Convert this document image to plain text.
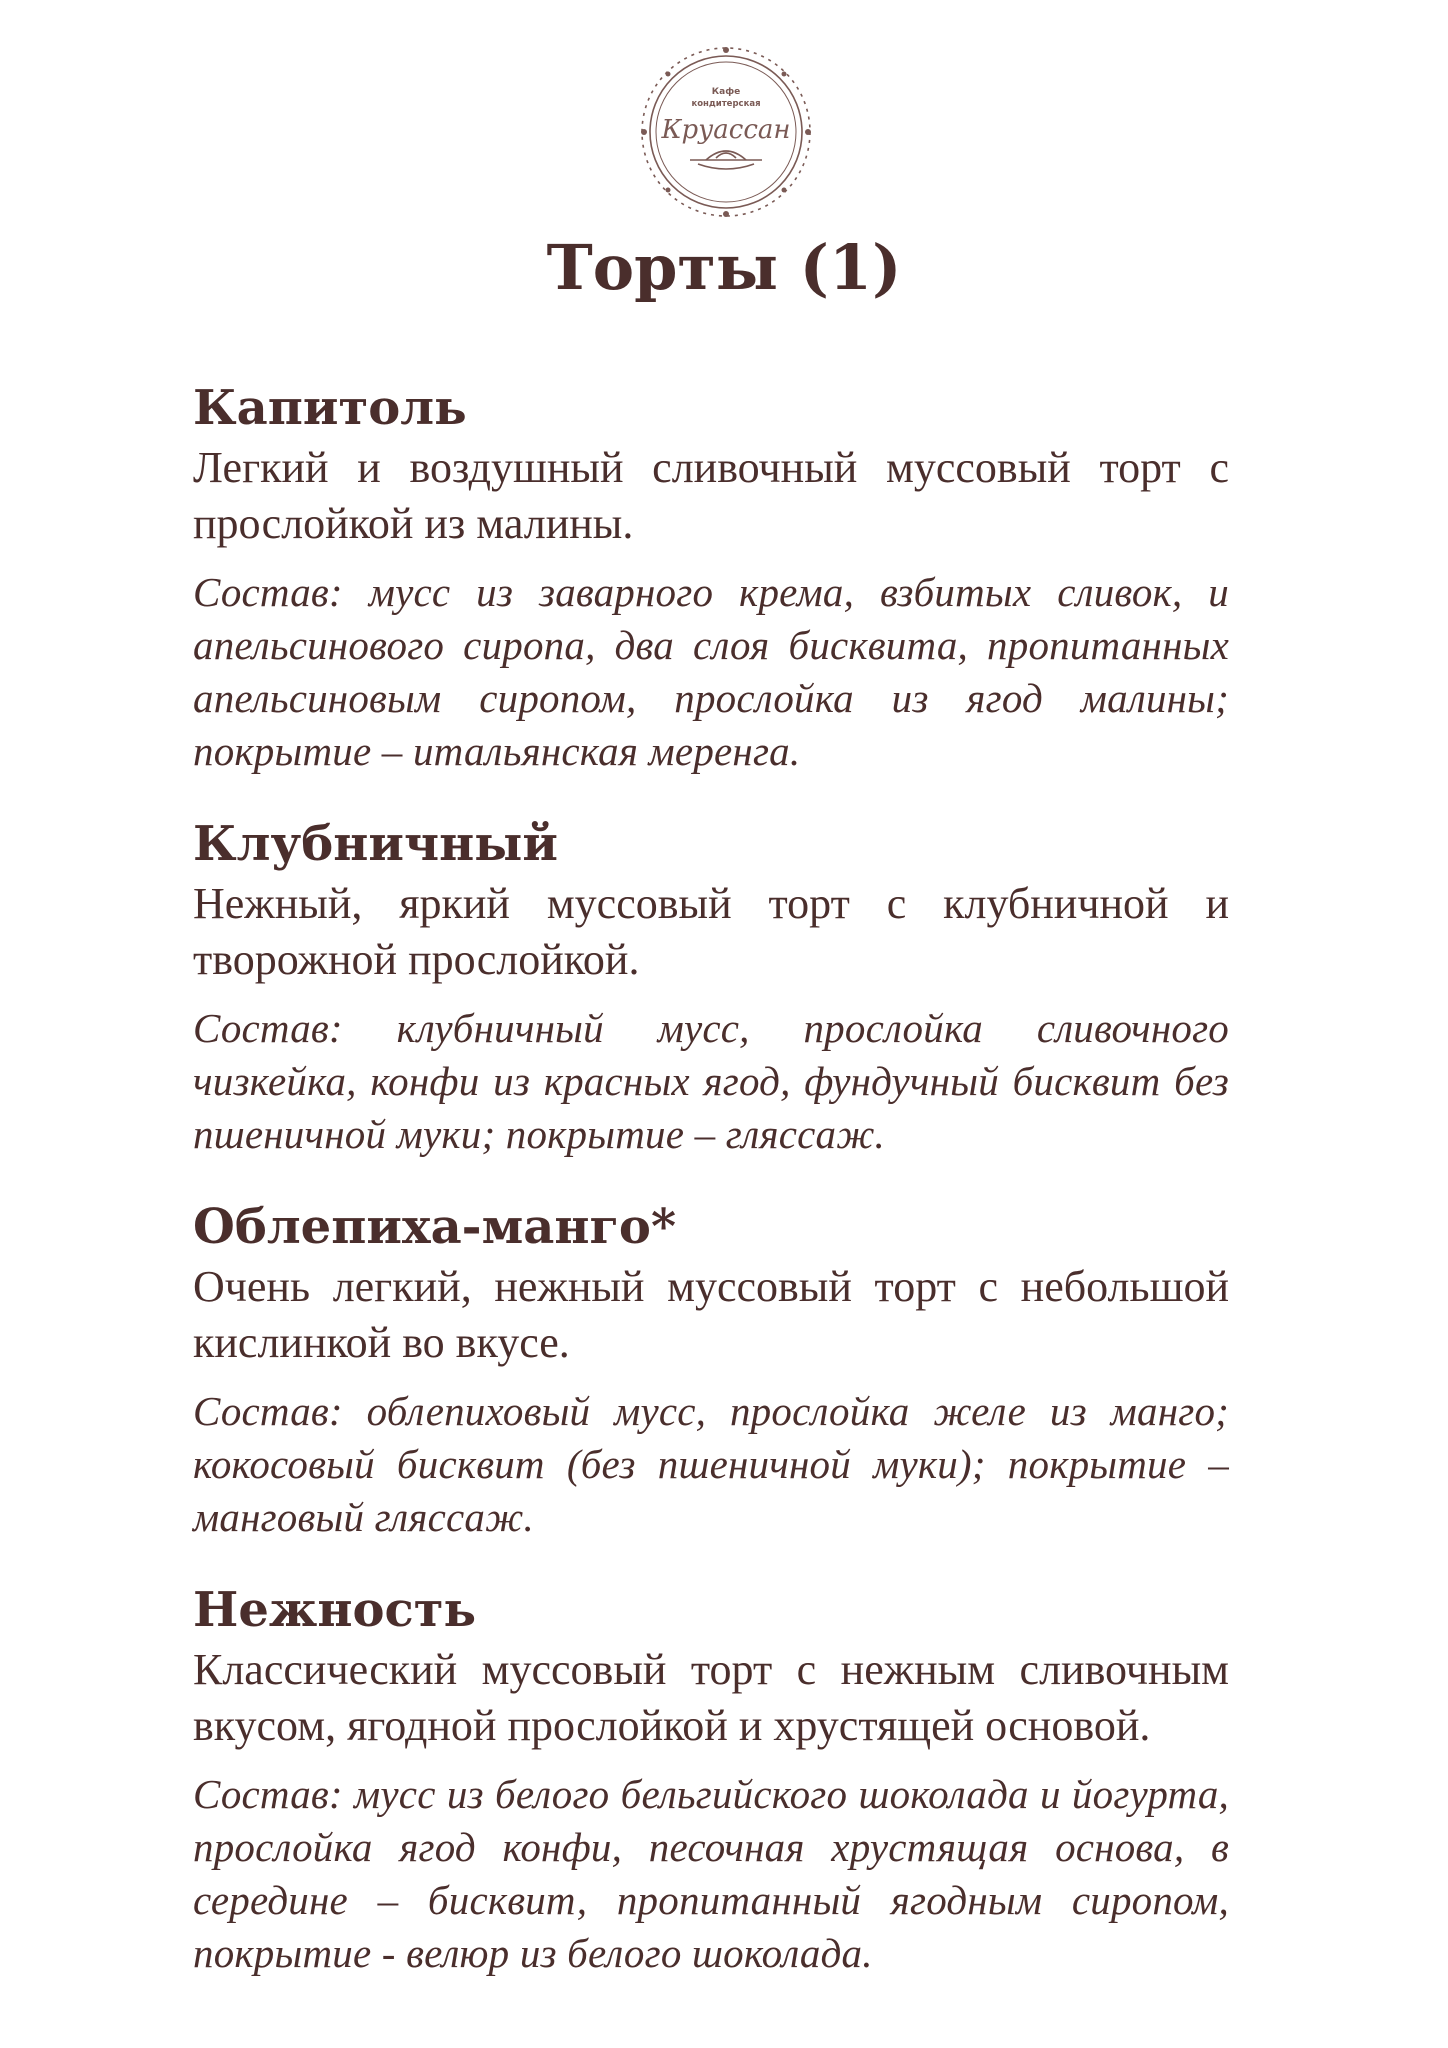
Кафе
кондитерская
Круассан
Торты (1)
Капитоль

Легкий и воздушный сливочный муссовый торт с прослойкой из малины.

Состав: мусс из заварного крема, взбитых сливок, и апельсинового сиропа, два слоя бисквита, пропитанных апельсиновым сиропом, прослойка из ягод малины; покрытие – итальянская меренга.

Клубничный

Нежный, яркий муссовый торт с клубничной и творожной прослойкой.

Состав: клубничный мусс, прослойка сливочного чизкейка, конфи из красных ягод, фундучный бисквит без пшеничной муки; покрытие – глясcаж.

Облепиха-манго*

Очень легкий, нежный муссовый торт с небольшой кислинкой во вкусе.

Состав: облепиховый мусс, прослойка желе из манго; кокосовый бисквит (без пшеничной муки); покрытие – манговый глясcаж.

Нежность

Классический муссовый торт с нежным сливочным вкусом, ягодной прослойкой и хрустящей основой.

Состав: мусс из белого бельгийского шоколада и йогурта, прослойка ягод конфи, песочная хрустящая основа, в середине – бисквит, пропитанный ягодным сиропом, покрытие - велюр из белого шоколада.
